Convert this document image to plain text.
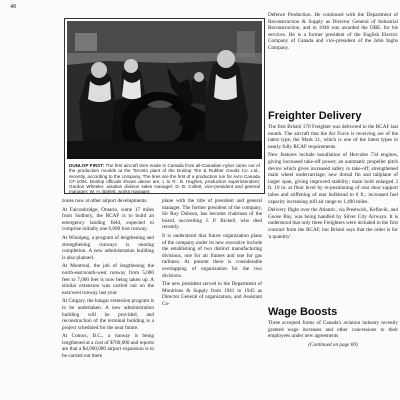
48
DUNLOP FIRST: The first aircraft tires made in Canada from all-Canadian nylon came out of the production moulds at the Toronto plant of the Dunlop Tire & Rubber Goods Co. Ltd., recently, according to the company. The tires are the first of a production run for Avro Canada CF-100s. Dunlop officials shown above are, L to R.: B. Hughes, production superintendent; Gordon Wheeler, aviation division sales manager; D. B. Collett, vice-president and general manager; W. H. Barlett, works manager.
Defence Production. He continued with the Department of Reconstruction & Supply as Director General of Industrial Reconstruction, and in 1946 was awarded the OBE. for his services. He is a former president of the English Electric Company of Canada and vice-president of the John Inglis Company.
Freighter Delivery

zones now at other airport developments.

At Falconbridge, Ontario, some 17 miles from Sudbury, the RCAF is to build an emergency landing field, expected to comprise initially one 6,000 foot runway.

At Winnipeg, a program of lengthening and strengthening runways is nearing completion. A new administration building is also planned.

At Montreal, the job of lengthening the north-east/south-west runway from 5,000 feet to 7,000 feet is now being taken up. A similar extension was carried out on the east/west runway last year.

At Calgary, the hangar extension program is to be undertaken. A new administration building will be provided, and reconstruction of the terminal building is a project scheduled for the near future.

At Comox, B.C., a runway is being lengthened at a cost of $700,000 and reports are that a $4,000,000 airport expansion is to be carried out there

plane with the title of president and general manager. The former president of the company, Sir Roy Dobson, has become chairman of the board, succeeding J. P. Bickell, who died recently.

It is understood that future organization plans of the company under its new executive include the establishing of two distinct manufacturing divisions, one for air frames and one for gas turbines. At present there is considerable overlapping of organization for the two divisions.

The new president served in the Department of Munitions & Supply from 1941 to 1945 as Director General of organization, and Assistant Co-

The first Bristol 170 Freighter was delivered to the RCAF last month. The aircraft that the Air Force is receiving are of the latest type, the Mark 31, which is one of the latest types in nearly fully RCAF requirements.

New features include installation of Hercules 734 engines, giving increased take-off power; an automatic propeller pitch device which gives increased safety in take-off; strengthened main wheel undercarriage; new dorsal fin and tailplane of larger span, giving improved stability; main hold enlarged 3 ft. 10 in. at floor level by re-positioning of rear door support tubes and stiffening of rear bulkhead to 6 ft.; increased fuel capacity increasing still air range to 1,490 miles.

Delivery flight over the Atlantic, via Prestwick, Keflavik, and Goose Bay, was being handled by Silver City Airways. It is understood that only three Freighters were included in the first contract from the RCAF, but Bristol says that the order is for 'a quantity'.

Wage Boosts

Three accepted forms of Canada's aviation industry recently granted wage increases and other concessions to their employees under new agreements

(Continued on page 69)
